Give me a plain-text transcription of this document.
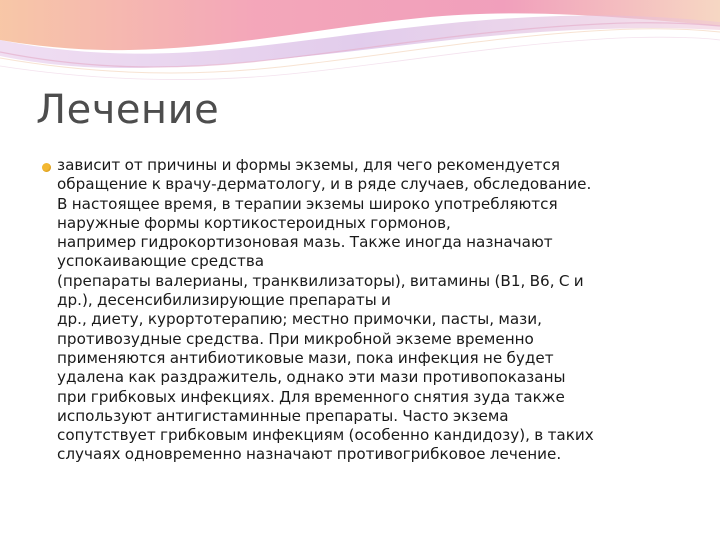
Лечение

зависит от причины и формы экземы, для чего рекомендуется
обращение к врачу-дерматологу, и в ряде случаев, обследование.
В настоящее время, в терапии экземы широко употребляются
наружные формы кортикостероидных гормонов,
например гидрокортизоновая мазь. Также иногда назначают
успокаивающие средства
(препараты валерианы, транквилизаторы), витамины (B1, B6, C и
др.), десенсибилизирующие препараты и
др., диету, курортотерапию; местно примочки, пасты, мази,
противозудные средства. При микробной экземе временно
применяются антибиотиковые мази, пока инфекция не будет
удалена как раздражитель, однако эти мази противопоказаны
при грибковых инфекциях. Для временного снятия зуда также
используют антигистаминные препараты. Часто экзема
сопутствует грибковым инфекциям (особенно кандидозу), в таких
случаях одновременно назначают противогрибковое лечение.
